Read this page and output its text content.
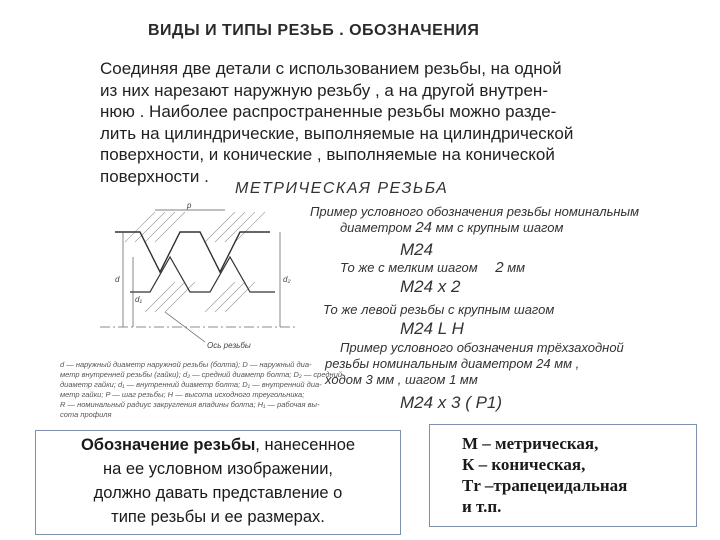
ВИДЫ И ТИПЫ РЕЗЬБ . ОБОЗНАЧЕНИЯ
Соединяя две детали с использованием резьбы, на одной
из них нарезают наружную резьбу , а на другой внутрен-
нюю . Наиболее распространенные резьбы можно разде-
лить на цилиндрические, выполняемые на цилиндрической
поверхности, и конические , выполняемые на конической
поверхности .
МЕТРИЧЕСКАЯ РЕЗЬБА
p
d
d₁
d₂
Ось резьбы
Пример условного обозначения резьбы номинальным
диаметром 24 мм с крупным шагом
М24
То же с мелким шагом 2 мм
М24 х 2
То же левой резьбы с крупным шагом
М24 L Н
Пример условного обозначения трёхзаходной
резьбы номинальным диаметром 24 мм ,
ходом 3 мм , шагом 1 мм
М24 х 3 ( Р1)
d — наружный диаметр наружной резьбы (болта); D — наружный диа-
метр внутренней резьбы (гайки); d₂ — средний диаметр болта; D₂ — средний
диаметр гайки; d₁ — внутренний диаметр болта; D₁ — внутренний диа-
метр гайки; P — шаг резьбы; H — высота исходного треугольника;
R — номинальный радиус закругления впадины болта; H₁ — рабочая вы-
сота профиля
Обозначение резьбы, нанесенное
на ее условном изображении,
должно давать представление о
типе резьбы и ее размерах.
М – метрическая,
К – коническая,
Тr –трапецеидальная
и т.п.
